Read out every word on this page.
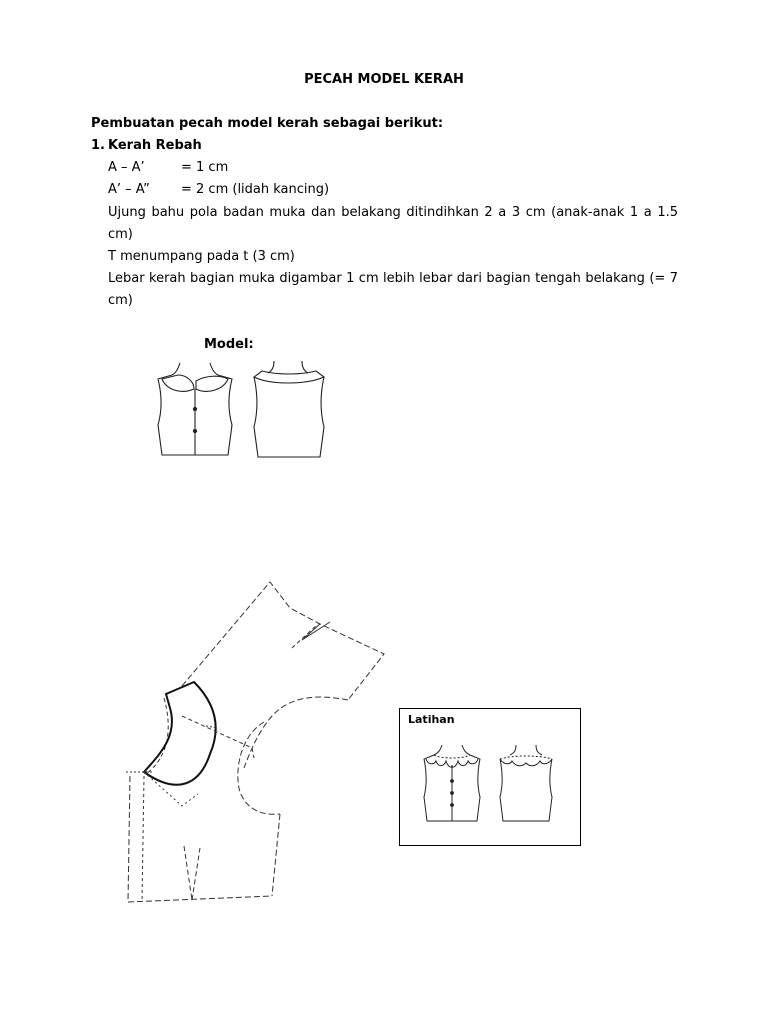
PECAH MODEL KERAH
Pembuatan pecah model kerah sebagai berikut:
1. Kerah Rebah
A – A’	= 1 cm
A’ – A” = 2 cm (lidah kancing)
Ujung bahu pola badan muka dan belakang ditindihkan 2 a 3 cm (anak-anak 1 a 1.5 cm)
T menumpang pada t (3 cm)
Lebar kerah bagian muka digambar 1 cm lebih lebar dari bagian tengah belakang (= 7 cm)
Model:
Latihan
